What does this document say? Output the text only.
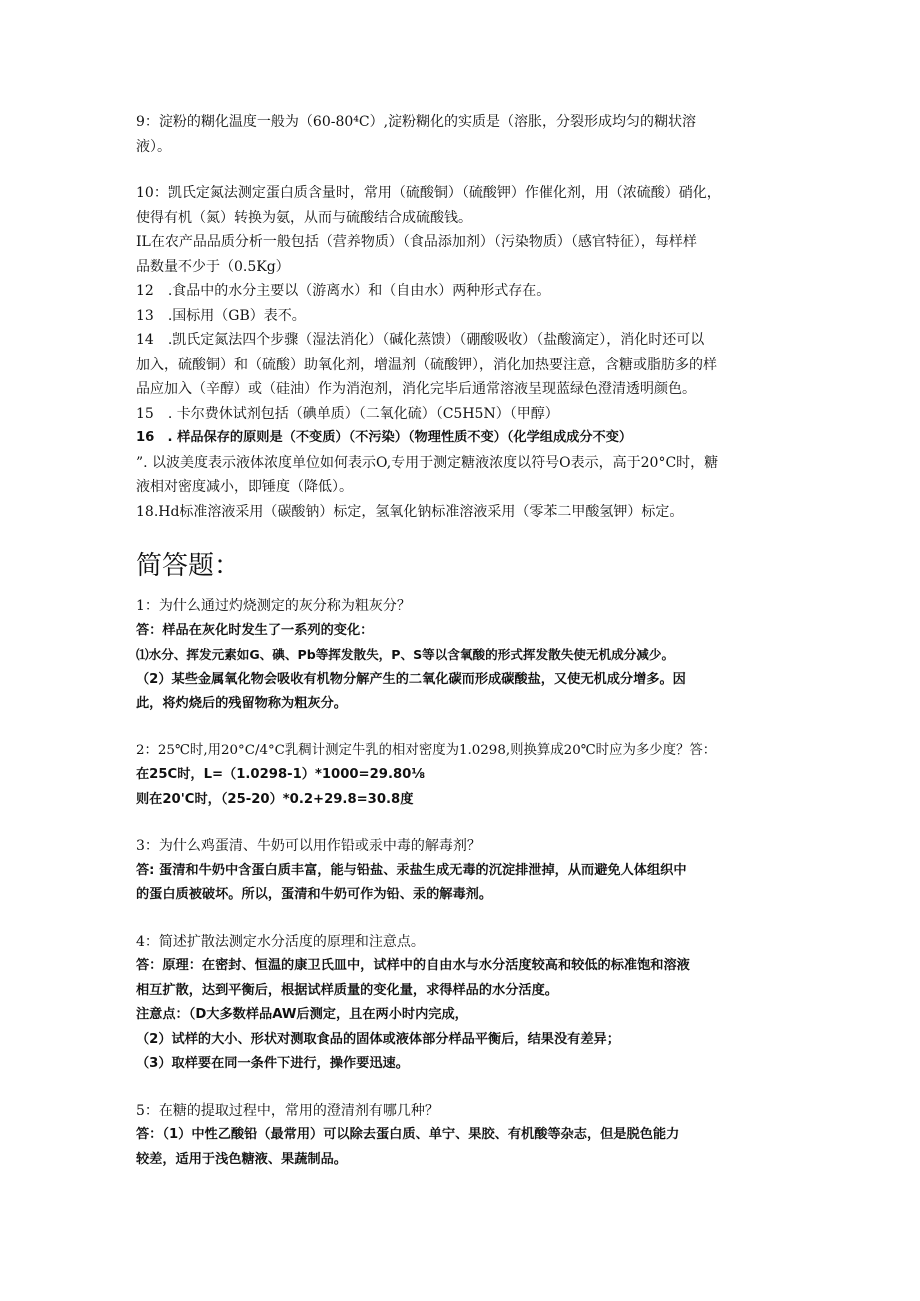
9：淀粉的糊化温度一般为（60-80⁴C）,淀粉糊化的实质是（溶胀，分裂形成均匀的糊状溶
液）。
10：凯氏定氮法测定蛋白质含量时，常用（硫酸铜）（硫酸钾）作催化剂，用（浓硫酸）硝化，
使得有机（氮）转换为氨，从而与硫酸结合成硫酸钱。
IL在农产品品质分析一般包括（营养物质）（食品添加剂）（污染物质）（感官特征），每样样
品数量不少于（0.5Kg）
12　.食品中的水分主要以（游离水）和（自由水）两种形式存在。
13　.国标用（GB）表不。
14　.凯氏定氮法四个步骤（湿法消化）（碱化蒸馈）（硼酸吸收）（盐酸滴定），消化时还可以
加入，硫酸铜）和（硫酸）助氧化剂，增温剂（硫酸钾），消化加热要注意，含糖或脂肪多的样
品应加入（辛醇）或（硅油）作为消泡剂，消化完毕后通常溶液呈现蓝绿色澄清透明颜色。
15　. 卡尔费休试剂包括（碘单质）（二氧化硫）（C5H5N）（甲醇）
16　. 样品保存的原则是（不变质）（不污染）（物理性质不变）（化学组成成分不变）
”. 以波美度表示液体浓度单位如何表示O,专用于测定糖液浓度以符号O表示，高于20°C时，糖
液相对密度减小，即锤度（降低）。
18.Hd标准溶液采用（碳酸钠）标定，氢氧化钠标准溶液采用（零苯二甲酸氢钾）标定。
简答题：
1：为什么通过灼烧测定的灰分称为粗灰分？
答：样品在灰化时发生了一系列的变化：
⑴水分、挥发元素如G、碘、Pb等挥发散失，P、S等以含氧酸的形式挥发散失使无机成分减少。
（2）某些金属氧化物会吸收有机物分解产生的二氧化碳而形成碳酸盐，又使无机成分增多。因
此，将灼烧后的残留物称为粗灰分。
2：25℃时,用20°C∕4°C乳稠计测定牛乳的相对密度为1.0298,则换算成20℃时应为多少度？答：
在25C时，L=（1.0298-1）*1000=29.80⅛
则在20'C时，（25-20）*0.2+29.8=30.8度
3：为什么鸡蛋清、牛奶可以用作铅或汞中毒的解毒剂？
答: 蛋清和牛奶中含蛋白质丰富，能与铅盐、汞盐生成无毒的沉淀排泄掉，从而避免人体组织中
的蛋白质被破坏。所以，蛋清和牛奶可作为铅、汞的解毒剂。
4：简述扩散法测定水分活度的原理和注意点。
答：原理：在密封、恒温的康卫氏皿中，试样中的自由水与水分活度较高和较低的标准饱和溶液
相互扩散，达到平衡后，根据试样质量的变化量，求得样品的水分活度。
注意点：（D大多数样品AW后测定，且在两小时内完成，
（2）试样的大小、形状对测取食品的固体或液体部分样品平衡后，结果没有差异；
（3）取样要在同一条件下进行，操作要迅速。
5：在糖的提取过程中，常用的澄清剂有哪几种？
答：（1）中性乙酸铅（最常用）可以除去蛋白质、单宁、果胶、有机酸等杂志，但是脱色能力
较差，适用于浅色糖液、果蔬制品。
